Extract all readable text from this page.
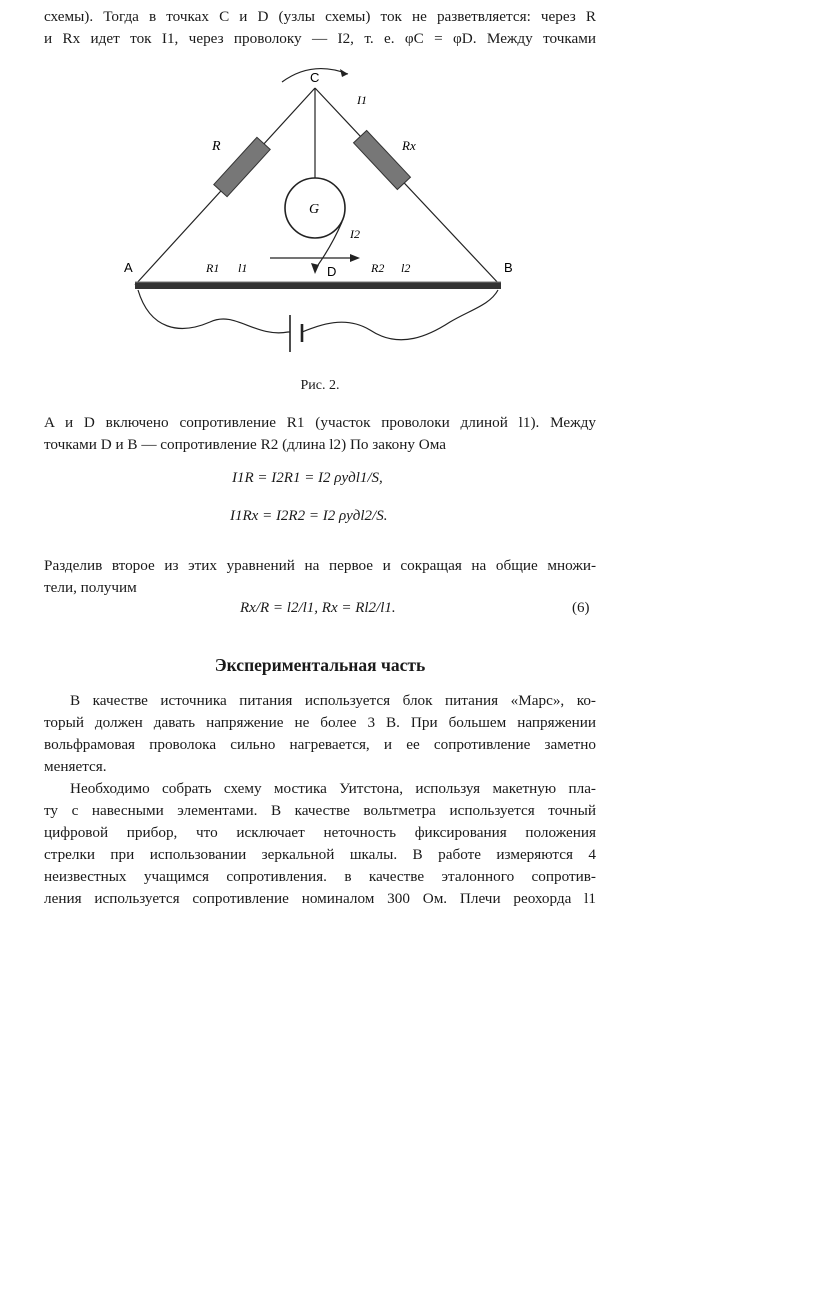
схемы). Тогда в точках C и D (узлы схемы) ток не разветвляется: через R
и Rx идет ток I1, через проволоку — I2, т. е. φC = φD. Между точками
C
A	B
D
G
R	Rx
I1
I2
R1 l1	R2 l2
Рис. 2.
A и D включено сопротивление R1 (участок проволоки длиной l1). Между
точками D и B — сопротивление R2 (длина l2) По закону Ома
I1R = I2R1 = I2 ρудl1/S,
I1Rx = I2R2 = I2 ρудl2/S.
Разделив второе из этих уравнений на первое и сокращая на общие множи-
тели, получим
Rx/R = l2/l1, Rx = Rl2/l1.	(6)
Экспериментальная часть
В качестве источника питания используется блок питания «Марс», ко-
торый должен давать напряжение не более 3 В. При большем напряжении
вольфрамовая проволока сильно нагревается, и ее сопротивление заметно
меняется.
Необходимо собрать схему мостика Уитстона, используя макетную пла-
ту с навесными элементами. В качестве вольтметра используется точный
цифровой прибор, что исключает неточность фиксирования положения
стрелки при использовании зеркальной шкалы. В работе измеряются 4
неизвестных учащимся сопротивления. в качестве эталонного сопротив-
ления используется сопротивление номиналом 300 Ом. Плечи реохорда l1
